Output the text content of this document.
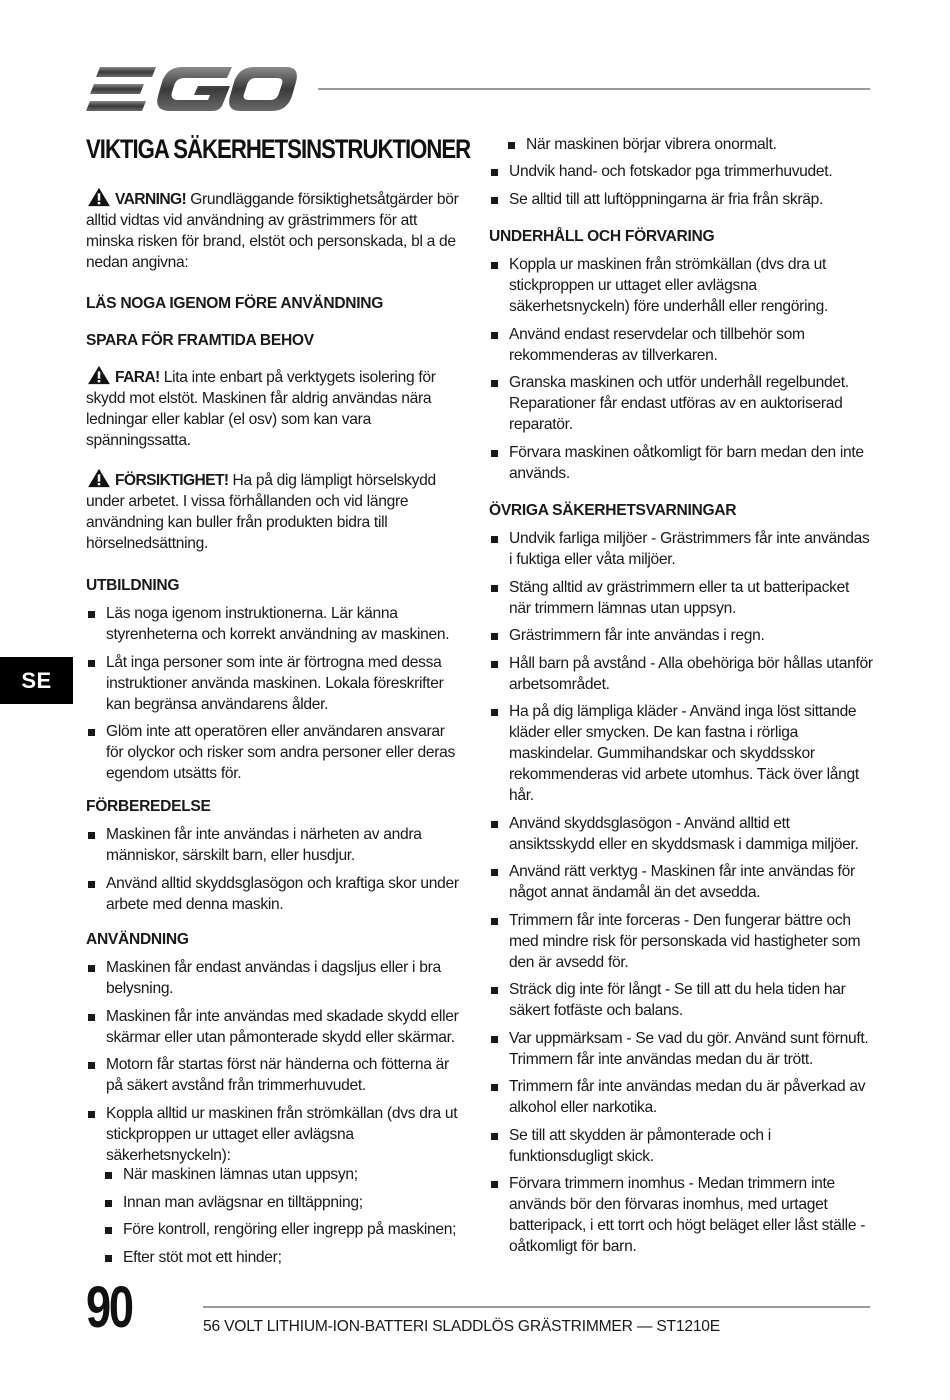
VIKTIGA SÄKERHETSINSTRUKTIONER
VARNING! Grundläggande försiktighetsåtgärder bör alltid vidtas vid användning av grästrimmers för att minska risken för brand, elstöt och personskada, bl a de nedan angivna:
LÄS NOGA IGENOM FÖRE ANVÄNDNING
SPARA FÖR FRAMTIDA BEHOV
FARA! Lita inte enbart på verktygets isolering för skydd mot elstöt. Maskinen får aldrig användas nära ledningar eller kablar (el osv) som kan vara spänningssatta.
FÖRSIKTIGHET! Ha på dig lämpligt hörselskydd under arbetet. I vissa förhållanden och vid längre användning kan buller från produkten bidra till hörselnedsättning.
UTBILDNING
Läs noga igenom instruktionerna. Lär känna styrenheterna och korrekt användning av maskinen.
Låt inga personer som inte är förtrogna med dessa instruktioner använda maskinen. Lokala föreskrifter kan begränsa användarens ålder.
Glöm inte att operatören eller användaren ansvarar för olyckor och risker som andra personer eller deras egendom utsätts för.
FÖRBEREDELSE
Maskinen får inte användas i närheten av andra människor, särskilt barn, eller husdjur.
Använd alltid skyddsglasögon och kraftiga skor under arbete med denna maskin.
ANVÄNDNING
Maskinen får endast användas i dagsljus eller i bra belysning.
Maskinen får inte användas med skadade skydd eller skärmar eller utan påmonterade skydd eller skärmar.
Motorn får startas först när händerna och fötterna är på säkert avstånd från trimmerhuvudet.
Koppla alltid ur maskinen från strömkällan (dvs dra ut stickproppen ur uttaget eller avlägsna säkerhetsnyckeln):
När maskinen lämnas utan uppsyn;
Innan man avlägsnar en tilltäppning;
Före kontroll, rengöring eller ingrepp på maskinen;
Efter stöt mot ett hinder;
När maskinen börjar vibrera onormalt.
Undvik hand- och fotskador pga trimmerhuvudet.
Se alltid till att luftöppningarna är fria från skräp.
UNDERHÅLL OCH FÖRVARING
Koppla ur maskinen från strömkällan (dvs dra ut stickproppen ur uttaget eller avlägsna säkerhetsnyckeln) före underhåll eller rengöring.
Använd endast reservdelar och tillbehör som rekommenderas av tillverkaren.
Granska maskinen och utför underhåll regelbundet. Reparationer får endast utföras av en auktoriserad reparatör.
Förvara maskinen oåtkomligt för barn medan den inte används.
ÖVRIGA SÄKERHETSVARNINGAR
Undvik farliga miljöer - Grästrimmers får inte användas i fuktiga eller våta miljöer.
Stäng alltid av grästrimmern eller ta ut batteripacket när trimmern lämnas utan uppsyn.
Grästrimmern får inte användas i regn.
Håll barn på avstånd - Alla obehöriga bör hållas utanför arbetsområdet.
Ha på dig lämpliga kläder - Använd inga löst sittande kläder eller smycken. De kan fastna i rörliga maskindelar. Gummihandskar och skyddsskor rekommenderas vid arbete utomhus. Täck över långt hår.
Använd skyddsglasögon - Använd alltid ett ansiktsskydd eller en skyddsmask i dammiga miljöer.
Använd rätt verktyg - Maskinen får inte användas för något annat ändamål än det avsedda.
Trimmern får inte forceras - Den fungerar bättre och med mindre risk för personskada vid hastigheter som den är avsedd för.
Sträck dig inte för långt - Se till att du hela tiden har säkert fotfäste och balans.
Var uppmärksam - Se vad du gör. Använd sunt förnuft. Trimmern får inte användas medan du är trött.
Trimmern får inte användas medan du är påverkad av alkohol eller narkotika.
Se till att skydden är påmonterade och i funktionsdugligt skick.
Förvara trimmern inomhus - Medan trimmern inte används bör den förvaras inomhus, med urtaget batteripack, i ett torrt och högt beläget eller låst ställe - oåtkomligt för barn.
SE
90	56 VOLT LITHIUM-ION-BATTERI SLADDLÖS GRÄSTRIMMER — ST1210E
